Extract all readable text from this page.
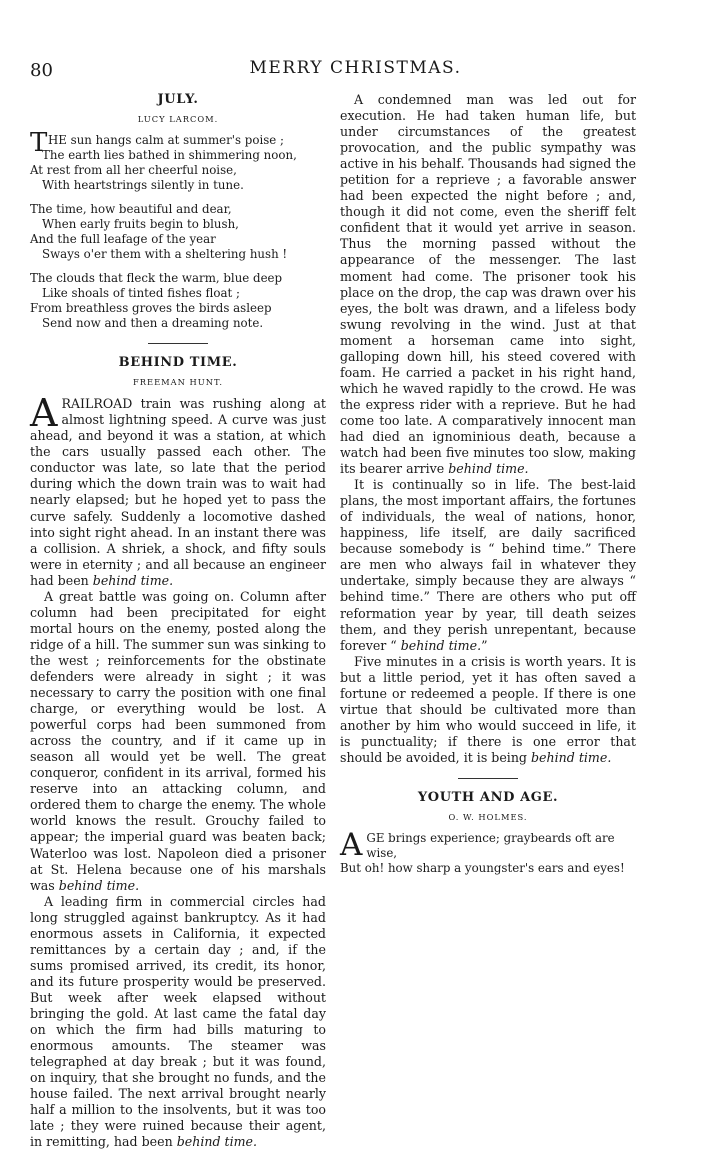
80	MERRY CHRISTMAS.

JULY.

LUCY LARCOM.

T HE sun hangs calm at summer's poise ;

The earth lies bathed in shimmering noon,

At rest from all her cheerful noise,

With heartstrings silently in tune.

The time, how beautiful and dear,

When early fruits begin to blush,

And the full leafage of the year

Sways o'er them with a sheltering hush !

The clouds that fleck the warm, blue deep

Like shoals of tinted fishes float ;

From breathless groves the birds asleep

Send now and then a dreaming note.

BEHIND TIME.

FREEMAN HUNT.

ARAILROAD train was rushing along at almost lightning speed. A curve was just ahead, and beyond it was a station, at which the cars usually passed each other. The conductor was late, so late that the period during which the down train was to wait had nearly elapsed; but he hoped yet to pass the curve safely. Suddenly a locomotive dashed into sight right ahead. In an instant there was a collision. A shriek, a shock, and fifty souls were in eternity ; and all because an engineer had been behind time.

A great battle was going on. Column after column had been precipitated for eight mortal hours on the enemy, posted along the ridge of a hill. The summer sun was sinking to the west ; reinforcements for the obstinate defenders were already in sight ; it was necessary to carry the position with one final charge, or everything would be lost. A powerful corps had been summoned from across the country, and if it came up in season all would yet be well. The great conqueror, confident in its arrival, formed his reserve into an attacking column, and ordered them to charge the enemy. The whole world knows the result. Grouchy failed to appear; the imperial guard was beaten back; Waterloo was lost. Napoleon died a prisoner at St. Helena because one of his marshals was behind time.

A leading firm in commercial circles had long struggled against bankruptcy. As it had enormous assets in California, it expected remittances by a certain day ; and, if the sums promised arrived, its credit, its honor, and its future prosperity would be preserved. But week after week elapsed without bringing the gold. At last came the fatal day on which the firm had bills maturing to enormous amounts. The steamer was telegraphed at day break ; but it was found, on inquiry, that she brought no funds, and the house failed. The next arrival brought nearly half a million to the insolvents, but it was too late ; they were ruined because their agent, in remitting, had been behind time.

A condemned man was led out for execution. He had taken human life, but under circumstances of the greatest provocation, and the public sympathy was active in his behalf. Thousands had signed the petition for a reprieve ; a favorable answer had been expected the night before ; and, though it did not come, even the sheriff felt confident that it would yet arrive in season. Thus the morning passed without the appearance of the messenger. The last moment had come. The prisoner took his place on the drop, the cap was drawn over his eyes, the bolt was drawn, and a lifeless body swung revolving in the wind. Just at that moment a horseman came into sight, galloping down hill, his steed covered with foam. He carried a packet in his right hand, which he waved rapidly to the crowd. He was the express rider with a reprieve. But he had come too late. A comparatively innocent man had died an ignominious death, because a watch had been five minutes too slow, making its bearer arrive behind time.

It is continually so in life. The best-laid plans, the most important affairs, the fortunes of individuals, the weal of nations, honor, happiness, life itself, are daily sacrificed because somebody is “ behind time.” There are men who always fail in whatever they undertake, simply because they are always “ behind time.” There are others who put off reformation year by year, till death seizes them, and they perish unrepentant, because forever “ behind time.”

Five minutes in a crisis is worth years. It is but a little period, yet it has often saved a fortune or redeemed a people. If there is one virtue that should be cultivated more than another by him who would succeed in life, it is punctuality; if there is one error that should be avoided, it is being behind time.

YOUTH AND AGE.

O. W. HOLMES.

AGE brings experience; graybeards oft are wise,

But oh! how sharp a youngster's ears and eyes!
